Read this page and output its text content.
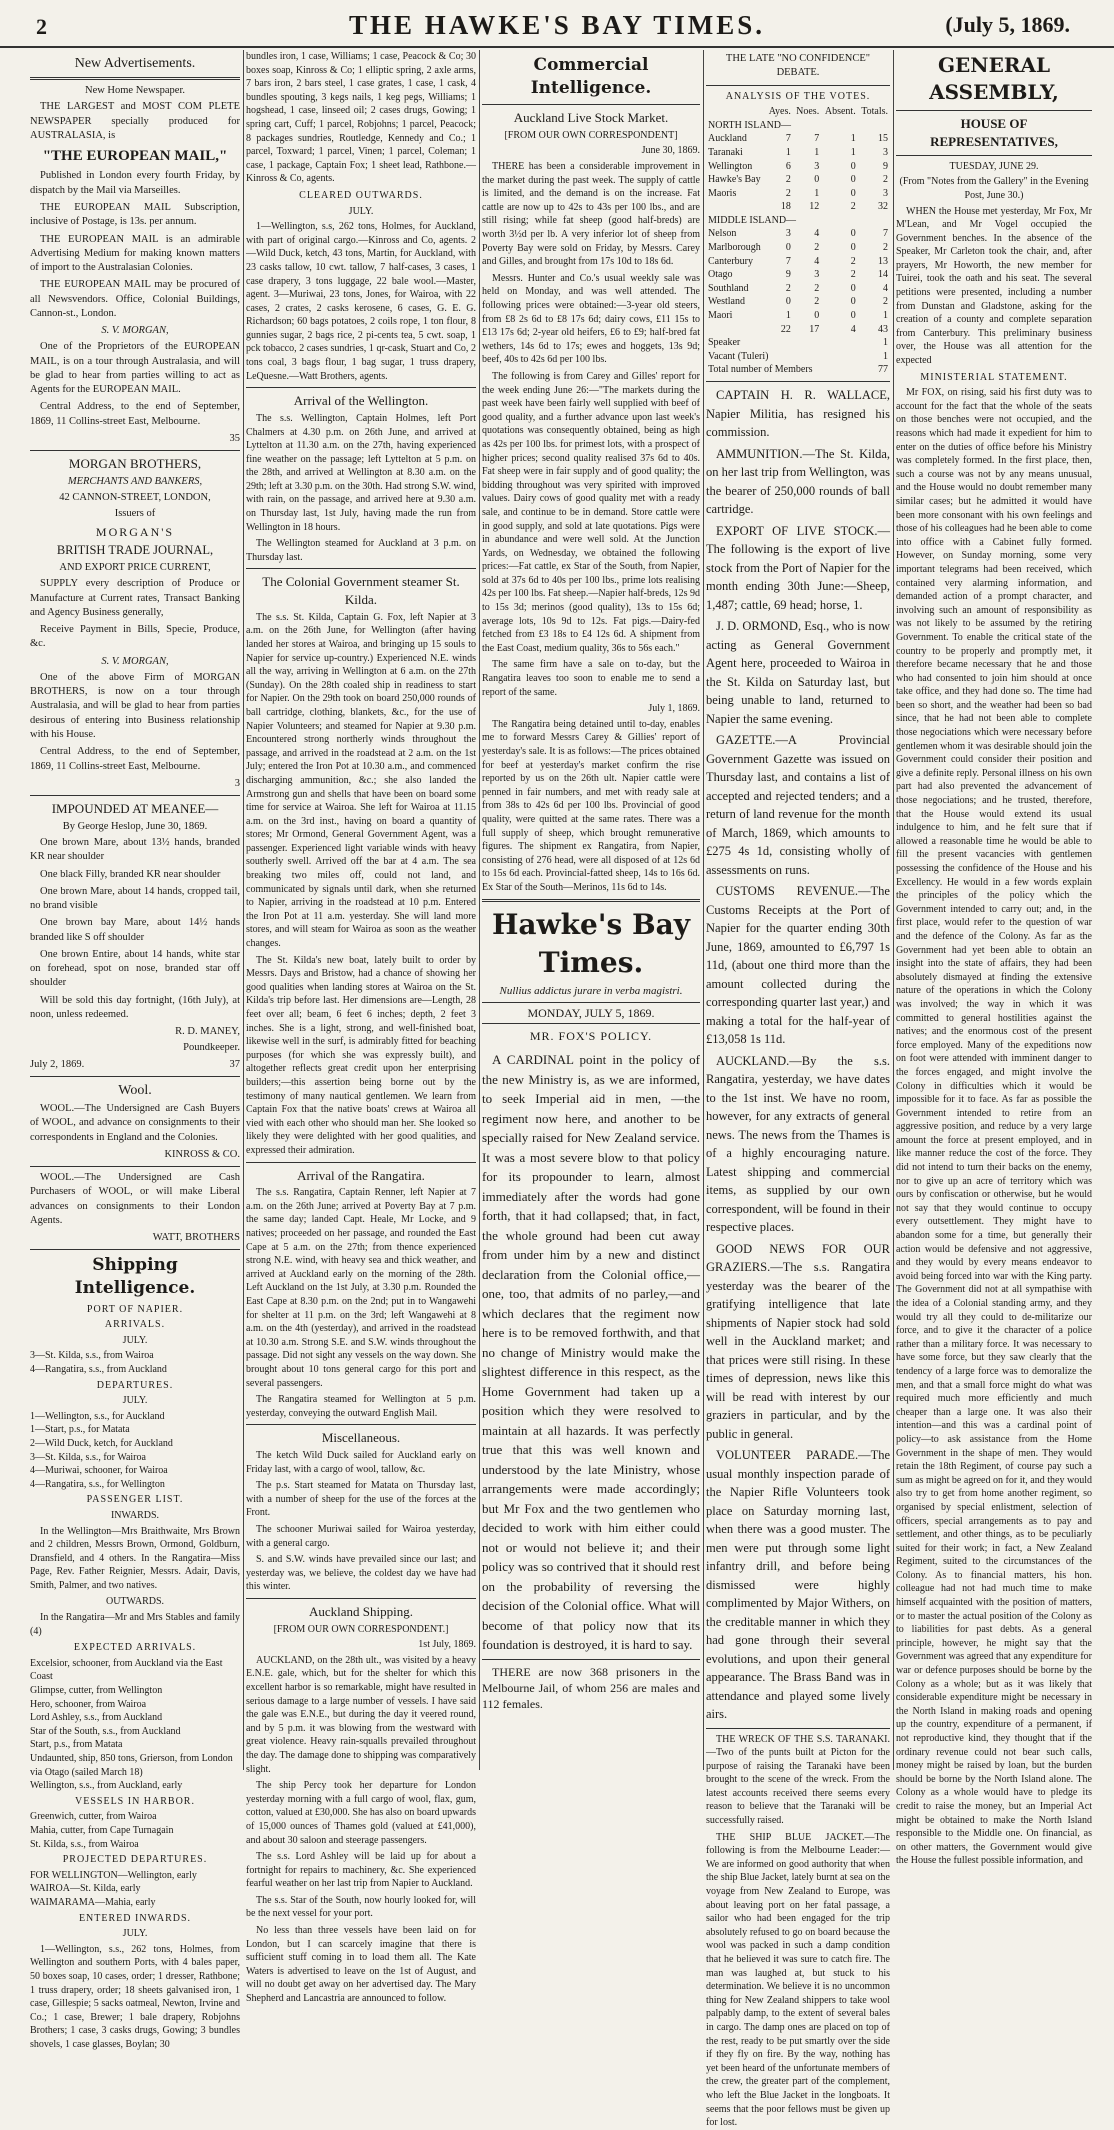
2	THE HAWKE'S BAY TIMES.	(July 5, 1869.
New Advertisements.
New Home Newspaper.

THE LARGEST and MOST COM PLETE NEWSPAPER specially produced for AUSTRALASIA, is

"THE EUROPEAN MAIL,"

Published in London every fourth Friday, by dispatch by the Mail via Marseilles.

THE EUROPEAN MAIL Subscription, inclusive of Postage, is 13s. per annum.

THE EUROPEAN MAIL is an admirable Advertising Medium for making known matters of import to the Australasian Colonies.

THE EUROPEAN MAIL may be procured of all Newsvendors. Office, Colonial Buildings, Cannon-st., London.

S. V. MORGAN,

One of the Proprietors of the EUROPEAN MAIL, is on a tour through Australasia, and will be glad to hear from parties willing to act as Agents for the EUROPEAN MAIL.

Central Address, to the end of September, 1869, 11 Collins-street East, Melbourne.

35
MORGAN BROTHERS,
MERCHANTS AND BANKERS,
42 CANNON-STREET, LONDON,
Issuers of
MORGAN'S
BRITISH TRADE JOURNAL,
AND EXPORT PRICE CURRENT,

SUPPLY every description of Produce or Manufacture at Current rates, Transact Banking and Agency Business generally,

Receive Payment in Bills, Specie, Produce, &c.

S. V. MORGAN,

One of the above Firm of MORGAN BROTHERS, is now on a tour through Australasia, and will be glad to hear from parties desirous of entering into Business relationship with his House.

Central Address, to the end of September, 1869, 11 Collins-street East, Melbourne.

3
IMPOUNDED AT MEANEE—
By George Heslop, June 30, 1869.

One brown Mare, about 13½ hands, branded KR near shoulder

One black Filly, branded KR near shoulder

One brown Mare, about 14 hands, cropped tail, no brand visible

One brown bay Mare, about 14½ hands branded like S off shoulder

One brown Entire, about 14 hands, white star on forehead, spot on nose, branded star off shoulder

Will be sold this day fortnight, (16th July), at noon, unless redeemed.

R. D. MANEY,
Poundkeeper.
July 2, 1869.	37
Wool.

WOOL.—The Undersigned are Cash Buyers of WOOL, and advance on consignments to their correspondents in England and the Colonies.

KINROSS & CO.

WOOL.—The Undersigned are Cash Purchasers of WOOL, or will make Liberal advances on consignments to their London Agents.

WATT, BROTHERS
Shipping Intelligence.
PORT OF NAPIER.
ARRIVALS.
JULY.
3—St. Kilda, s.s., from Wairoa
4—Rangatira, s.s., from Auckland
DEPARTURES.
JULY.
1—Wellington, s.s., for Auckland
1—Start, p.s., for Matata
2—Wild Duck, ketch, for Auckland
3—St. Kilda, s.s., for Wairoa
4—Muriwai, schooner, for Wairoa
4—Rangatira, s.s., for Wellington
PASSENGER LIST.
INWARDS.

In the Wellington—Mrs Braithwaite, Mrs Brown and 2 children, Messrs Brown, Ormond, Goldburn, Dransfield, and 4 others. In the Rangatira—Miss Page, Rev. Father Reignier, Messrs. Adair, Davis, Smith, Palmer, and two natives.

OUTWARDS.

In the Rangatira—Mr and Mrs Stables and family (4)

EXPECTED ARRIVALS.
Excelsior, schooner, from Auckland via the East Coast
Glimpse, cutter, from Wellington
Hero, schooner, from Wairoa
Lord Ashley, s.s., from Auckland
Star of the South, s.s., from Auckland
Start, p.s., from Matata
Undaunted, ship, 850 tons, Grierson, from London via Otago (sailed March 18)
Wellington, s.s., from Auckland, early
VESSELS IN HARBOR.
Greenwich, cutter, from Wairoa
Mahia, cutter, from Cape Turnagain
St. Kilda, s.s., from Wairoa
PROJECTED DEPARTURES.
FOR WELLINGTON—Wellington, early
WAIROA—St. Kilda, early
WAIMARAMA—Mahia, early
ENTERED INWARDS.
JULY.

1—Wellington, s.s., 262 tons, Holmes, from Wellington and southern Ports, with 4 bales paper, 50 boxes soap, 10 cases, order; 1 dresser, Rathbone; 1 truss drapery, order; 18 sheets galvanised iron, 1 case, Gillespie; 5 sacks oatmeal, Newton, Irvine and Co.; 1 case, Brewer; 1 bale drapery, Robjohns Brothers; 1 case, 3 casks drugs, Gowing; 3 bundles shovels, 1 case glasses, Boylan; 30

bundles iron, 1 case, Williams; 1 case, Peacock & Co; 30 boxes soap, Kinross & Co; 1 elliptic spring, 2 axle arms, 7 bars iron, 2 bars steel, 1 case grates, 1 case, 1 cask, 4 bundles spouting, 3 kegs nails, 1 keg pegs, Williams; 1 hogshead, 1 case, linseed oil; 2 cases drugs, Gowing; 1 spring cart, Cuff; 1 parcel, Robjohns; 1 parcel, Peacock; 8 packages sundries, Routledge, Kennedy and Co.; 1 parcel, Toxward; 1 parcel, Vinen; 1 parcel, Coleman; 1 case, 1 package, Captain Fox; 1 sheet lead, Rathbone.—Kinross & Co, agents.

CLEARED OUTWARDS.
JULY.

1—Wellington, s.s, 262 tons, Holmes, for Auckland, with part of original cargo.—Kinross and Co, agents. 2—Wild Duck, ketch, 43 tons, Martin, for Auckland, with 23 casks tallow, 10 cwt. tallow, 7 half-cases, 3 cases, 1 case drapery, 3 tons luggage, 22 bale wool.—Master, agent. 3—Muriwai, 23 tons, Jones, for Wairoa, with 22 cases, 2 crates, 2 casks kerosene, 6 cases, G. E. G. Richardson; 60 bags potatoes, 2 coils rope, 1 ton flour, 8 gunnies sugar, 2 bags rice, 2 pi-cents tea, 5 cwt. soap, 1 pck tobacco, 2 cases sundries, 1 qr-cask, Stuart and Co, 2 tons coal, 3 bags flour, 1 bag sugar, 1 truss drapery, LeQuesne.—Watt Brothers, agents.

Arrival of the Wellington.

The s.s. Wellington, Captain Holmes, left Port Chalmers at 4.30 p.m. on 26th June, and arrived at Lyttelton at 11.30 a.m. on the 27th, having experienced fine weather on the passage; left Lyttelton at 5 p.m. on the 28th, and arrived at Wellington at 8.30 a.m. on the 29th; left at 3.30 p.m. on the 30th. Had strong S.W. wind, with rain, on the passage, and arrived here at 9.30 a.m. on Thursday last, 1st July, having made the run from Wellington in 18 hours.

The Wellington steamed for Auckland at 3 p.m. on Thursday last.

The Colonial Government steamer St. Kilda.

The s.s. St. Kilda, Captain G. Fox, left Napier at 3 a.m. on the 26th June, for Wellington (after having landed her stores at Wairoa, and bringing up 15 souls to Napier for service up-country.) Experienced N.E. winds all the way, arriving in Wellington at 6 a.m. on the 27th (Sunday). On the 28th coaled ship in readiness to start for Napier. On the 29th took on board 250,000 rounds of ball cartridge, clothing, blankets, &c., for the use of Napier Volunteers; and steamed for Napier at 9.30 p.m. Encountered strong northerly winds throughout the passage, and arrived in the roadstead at 2 a.m. on the 1st July; entered the Iron Pot at 10.30 a.m., and commenced discharging ammunition, &c.; she also landed the Armstrong gun and shells that have been on board some time for service at Wairoa. She left for Wairoa at 11.15 a.m. on the 3rd inst., having on board a quantity of stores; Mr Ormond, General Government Agent, was a passenger. Experienced light variable winds with heavy southerly swell. Arrived off the bar at 4 a.m. The sea breaking two miles off, could not land, and communicated by signals until dark, when she returned to Napier, arriving in the roadstead at 10 p.m. Entered the Iron Pot at 11 a.m. yesterday. She will land more stores, and will steam for Wairoa as soon as the weather changes.

The St. Kilda's new boat, lately built to order by Messrs. Days and Bristow, had a chance of showing her good qualities when landing stores at Wairoa on the St. Kilda's trip before last. Her dimensions are—Length, 28 feet over all; beam, 6 feet 6 inches; depth, 2 feet 3 inches. She is a light, strong, and well-finished boat, likewise well in the surf, is admirably fitted for beaching purposes (for which she was expressly built), and altogether reflects great credit upon her enterprising builders;—this assertion being borne out by the testimony of many nautical gentlemen. We learn from Captain Fox that the native boats' crews at Wairoa all vied with each other who should man her. She looked so likely they were delighted with her good qualities, and expressed their admiration.

Arrival of the Rangatira.

The s.s. Rangatira, Captain Renner, left Napier at 7 a.m. on the 26th June; arrived at Poverty Bay at 7 p.m. the same day; landed Capt. Heale, Mr Locke, and 9 natives; proceeded on her passage, and rounded the East Cape at 5 a.m. on the 27th; from thence experienced strong N.E. wind, with heavy sea and thick weather, and arrived at Auckland early on the morning of the 28th. Left Auckland on the 1st July, at 3.30 p.m. Rounded the East Cape at 8.30 p.m. on the 2nd; put in to Wangawehi for shelter at 11 p.m. on the 3rd; left Wangawehi at 8 a.m. on the 4th (yesterday), and arrived in the roadstead at 10.30 a.m. Strong S.E. and S.W. winds throughout the passage. Did not sight any vessels on the way down. She brought about 10 tons general cargo for this port and several passengers.

The Rangatira steamed for Wellington at 5 p.m. yesterday, conveying the outward English Mail.

Miscellaneous.

The ketch Wild Duck sailed for Auckland early on Friday last, with a cargo of wool, tallow, &c.

The p.s. Start steamed for Matata on Thursday last, with a number of sheep for the use of the forces at the Front.

The schooner Muriwai sailed for Wairoa yesterday, with a general cargo.

S. and S.W. winds have prevailed since our last; and yesterday was, we believe, the coldest day we have had this winter.

Auckland Shipping.
[FROM OUR OWN CORRESPONDENT.]
1st July, 1869.

AUCKLAND, on the 28th ult., was visited by a heavy E.N.E. gale, which, but for the shelter for which this excellent harbor is so remarkable, might have resulted in serious damage to a large number of vessels. I have said the gale was E.N.E., but during the day it veered round, and by 5 p.m. it was blowing from the westward with great violence. Heavy rain-squalls prevailed throughout the day. The damage done to shipping was comparatively slight.

The ship Percy took her departure for London yesterday morning with a full cargo of wool, flax, gum, cotton, valued at £30,000. She has also on board upwards of 15,000 ounces of Thames gold (valued at £41,000), and about 30 saloon and steerage passengers.

The s.s. Lord Ashley will be laid up for about a fortnight for repairs to machinery, &c. She experienced fearful weather on her last trip from Napier to Auckland.

The s.s. Star of the South, now hourly looked for, will be the next vessel for your port.

No less than three vessels have been laid on for London, but I can scarcely imagine that there is sufficient stuff coming in to load them all. The Kate Waters is advertised to leave on the 1st of August, and will no doubt get away on her advertised day. The Mary Shepherd and Lancastria are announced to follow.

Commercial Intelligence.
Auckland Live Stock Market.
[FROM OUR OWN CORRESPONDENT]
June 30, 1869.

THERE has been a considerable improvement in the market during the past week. The supply of cattle is limited, and the demand is on the increase. Fat cattle are now up to 42s to 43s per 100 lbs., and are still rising; while fat sheep (good half-breds) are worth 3½d per lb. A very inferior lot of sheep from Poverty Bay were sold on Friday, by Messrs. Carey and Gilles, and brought from 17s 10d to 18s 6d.

Messrs. Hunter and Co.'s usual weekly sale was held on Monday, and was well attended. The following prices were obtained:—3-year old steers, from £8 2s 6d to £8 17s 6d; dairy cows, £11 15s to £13 17s 6d; 2-year old heifers, £6 to £9; half-bred fat wethers, 14s 6d to 17s; ewes and hoggets, 13s 9d; beef, 40s to 42s 6d per 100 lbs.

The following is from Carey and Gilles' report for the week ending June 26:—"The markets during the past week have been fairly well supplied with beef of good quality, and a further advance upon last week's quotations was consequently obtained, being as high as 42s per 100 lbs. for primest lots, with a prospect of higher prices; second quality realised 37s 6d to 40s. Fat sheep were in fair supply and of good quality; the bidding throughout was very spirited with improved values. Dairy cows of good quality met with a ready sale, and continue to be in demand. Store cattle were in good supply, and sold at late quotations. Pigs were in abundance and were well sold. At the Junction Yards, on Wednesday, we obtained the following prices:—Fat cattle, ex Star of the South, from Napier, sold at 37s 6d to 40s per 100 lbs., prime lots realising 42s per 100 lbs. Fat sheep.—Napier half-breds, 12s 9d to 15s 3d; merinos (good quality), 13s to 15s 6d; average lots, 10s 9d to 12s. Fat pigs.—Dairy-fed fetched from £3 18s to £4 12s 6d. A shipment from the East Coast, medium quality, 36s to 56s each."

The same firm have a sale on to-day, but the Rangatira leaves too soon to enable me to send a report of the same.

July 1, 1869.

The Rangatira being detained until to-day, enables me to forward Messrs Carey & Gillies' report of yesterday's sale. It is as follows:—The prices obtained for beef at yesterday's market confirm the rise reported by us on the 26th ult. Napier cattle were penned in fair numbers, and met with ready sale at from 38s to 42s 6d per 100 lbs. Provincial of good quality, were quitted at the same rates. There was a full supply of sheep, which brought remunerative figures. The shipment ex Rangatira, from Napier, consisting of 276 head, were all disposed of at 12s 6d to 15s 6d each. Provincial-fatted sheep, 14s to 16s 6d. Ex Star of the South—Merinos, 11s 6d to 14s.

Hawke's Bay Times.
Nullius addictus jurare in verba magistri.
MONDAY, JULY 5, 1869.
MR. FOX'S POLICY.

A CARDINAL point in the policy of the new Ministry is, as we are informed, to seek Imperial aid in men, —the regiment now here, and another to be specially raised for New Zealand service. It was a most severe blow to that policy for its propounder to learn, almost immediately after the words had gone forth, that it had collapsed; that, in fact, the whole ground had been cut away from under him by a new and distinct declaration from the Colonial office,—one, too, that admits of no parley,—and which declares that the regiment now here is to be removed forthwith, and that no change of Ministry would make the slightest difference in this respect, as the Home Government had taken up a position which they were resolved to maintain at all hazards. It was perfectly true that this was well known and understood by the late Ministry, whose arrangements were made accordingly; but Mr Fox and the two gentlemen who decided to work with him either could not or would not believe it; and their policy was so contrived that it should rest on the probability of reversing the decision of the Colonial office. What will become of that policy now that its foundation is destroyed, it is hard to say.

THERE are now 368 prisoners in the Melbourne Jail, of whom 256 are males and 112 females.

THE LATE "NO CONFIDENCE" DEBATE.
ANALYSIS OF THE VOTES.
	Ayes.	Noes.	Absent.	Totals.
NORTH ISLAND—				
Auckland	7	7	1	15
Taranaki	1	1	1	3
Wellington	6	3	0	9
Hawke's Bay	2	0	0	2
Maoris	2	1	0	3
	18	12	2	32
MIDDLE ISLAND—				
Nelson	3	4	0	7
Marlborough	0	2	0	2
Canterbury	7	4	2	13
Otago	9	3	2	14
Southland	2	2	0	4
Westland	0	2	0	2
Maori	1	0	0	1
	22	17	4	43
Speaker				1
Vacant (Tuleri)				1
Total number of Members				77

CAPTAIN H. R. WALLACE, Napier Militia, has resigned his commission.

AMMUNITION.—The St. Kilda, on her last trip from Wellington, was the bearer of 250,000 rounds of ball cartridge.

EXPORT OF LIVE STOCK.—The following is the export of live stock from the Port of Napier for the month ending 30th June:—Sheep, 1,487; cattle, 69 head; horse, 1.

J. D. ORMOND, Esq., who is now acting as General Government Agent here, proceeded to Wairoa in the St. Kilda on Saturday last, but being unable to land, returned to Napier the same evening.

GAZETTE.—A Provincial Government Gazette was issued on Thursday last, and contains a list of accepted and rejected tenders; and a return of land revenue for the month of March, 1869, which amounts to £275 4s 1d, consisting wholly of assessments on runs.

CUSTOMS REVENUE.—The Customs Receipts at the Port of Napier for the quarter ending 30th June, 1869, amounted to £6,797 1s 11d, (about one third more than the amount collected during the corresponding quarter last year,) and making a total for the half-year of £13,058 1s 11d.

AUCKLAND.—By the s.s. Rangatira, yesterday, we have dates to the 1st inst. We have no room, however, for any extracts of general news. The news from the Thames is of a highly encouraging nature. Latest shipping and commercial items, as supplied by our own correspondent, will be found in their respective places.

GOOD NEWS FOR OUR GRAZIERS.—The s.s. Rangatira yesterday was the bearer of the gratifying intelligence that late shipments of Napier stock had sold well in the Auckland market; and that prices were still rising. In these times of depression, news like this will be read with interest by our graziers in particular, and by the public in general.

VOLUNTEER PARADE.—The usual monthly inspection parade of the Napier Rifle Volunteers took place on Saturday morning last, when there was a good muster. The men were put through some light infantry drill, and before being dismissed were highly complimented by Major Withers, on the creditable manner in which they had gone through their several evolutions, and upon their general appearance. The Brass Band was in attendance and played some lively airs.

THE WRECK OF THE S.S. TARANAKI.—Two of the punts built at Picton for the purpose of raising the Taranaki have been brought to the scene of the wreck. From the latest accounts received there seems every reason to believe that the Taranaki will be successfully raised.

THE SHIP BLUE JACKET.—The following is from the Melbourne Leader:—We are informed on good authority that when the ship Blue Jacket, lately burnt at sea on the voyage from New Zealand to Europe, was about leaving port on her fatal passage, a sailor who had been engaged for the trip absolutely refused to go on board because the wool was packed in such a damp condition that he believed it was sure to catch fire. The man was laughed at, but stuck to his determination. We believe it is no uncommon thing for New Zealand shippers to take wool palpably damp, to the extent of several bales in cargo. The damp ones are placed on top of the rest, ready to be put smartly over the side if they fly on fire. By the way, nothing has yet been heard of the unfortunate members of the crew, the greater part of the complement, who left the Blue Jacket in the longboats. It seems that the poor fellows must be given up for lost.

GENERAL ASSEMBLY,
HOUSE OF REPRESENTATIVES,
TUESDAY, JUNE 29.
(From "Notes from the Gallery" in the Evening Post, June 30.)

WHEN the House met yesterday, Mr Fox, Mr M'Lean, and Mr Vogel occupied the Government benches. In the absence of the Speaker, Mr Carleton took the chair, and, after prayers, Mr Howorth, the new member for Tuirei, took the oath and his seat. The several petitions were presented, including a number from Dunstan and Gladstone, asking for the creation of a county and complete separation from Canterbury. This preliminary business over, the House was all attention for the expected

MINISTERIAL STATEMENT.

Mr FOX, on rising, said his first duty was to account for the fact that the whole of the seats on those benches were not occupied, and the reasons which had made it expedient for him to enter on the duties of office before his Ministry was completely formed. In the first place, then, such a course was not by any means unusual, and the House would no doubt remember many similar cases; but he admitted it would have been more consonant with his own feelings and those of his colleagues had he been able to come into office with a Cabinet fully formed. However, on Sunday morning, some very important telegrams had been received, which contained very alarming information, and demanded action of a prompt character, and involving such an amount of responsibility as was not likely to be assumed by the retiring Government. To enable the critical state of the country to be properly and promptly met, it therefore became necessary that he and those who had consented to join him should at once take office, and they had done so. The time had been so short, and the weather had been so bad since, that he had not been able to complete those negociations which were necessary before gentlemen whom it was desirable should join the Government could consider their position and give a definite reply. Personal illness on his own part had also prevented the advancement of those negociations; and he trusted, therefore, that the House would extend its usual indulgence to him, and he felt sure that if allowed a reasonable time he would be able to fill the present vacancies with gentlemen possessing the confidence of the House and his Excellency. He would in a few words explain the principles of the policy which the Government intended to carry out; and, in the first place, would refer to the question of war and the defence of the Colony. As far as the Government had yet been able to obtain an insight into the state of affairs, they had been absolutely dismayed at finding the extensive nature of the operations in which the Colony was involved; the way in which it was committed to general hostilities against the natives; and the enormous cost of the present force employed. Many of the expeditions now on foot were attended with imminent danger to the forces engaged, and might involve the Colony in difficulties which it would be impossible for it to face. As far as possible the Government intended to retire from an aggressive position, and reduce by a very large amount the force at present employed, and in like manner reduce the cost of the force. They did not intend to turn their backs on the enemy, nor to give up an acre of territory which was ours by confiscation or otherwise, but he would not say that they would continue to occupy every outsettlement. They might have to abandon some for a time, but generally their action would be defensive and not aggressive, and they would by every means endeavor to avoid being forced into war with the King party. The Government did not at all sympathise with the idea of a Colonial standing army, and they would try all they could to de-militarize our force, and to give it the character of a police rather than a military force. It was necessary to have some force, but they saw clearly that the tendency of a large force was to demoralize the men, and that a small force might do what was required much more efficiently and much cheaper than a large one. It was also their intention—and this was a cardinal point of policy—to ask assistance from the Home Government in the shape of men. They would retain the 18th Regiment, of course pay such a sum as might be agreed on for it, and they would also try to get from home another regiment, so organised by special enlistment, selection of officers, special arrangements as to pay and settlement, and other things, as to be peculiarly suited for their work; in fact, a New Zealand Regiment, suited to the circumstances of the Colony. As to financial matters, his hon. colleague had not had much time to make himself acquainted with the position of matters, or to master the actual position of the Colony as to liabilities for past debts. As a general principle, however, he might say that the Government was agreed that any expenditure for war or defence purposes should be borne by the Colony as a whole; but as it was likely that considerable expenditure might be necessary in the North Island in making roads and opening up the country, expenditure of a permanent, if not reproductive kind, they thought that if the ordinary revenue could not bear such calls, money might be raised by loan, but the burden should be borne by the North Island alone. The Colony as a whole would have to pledge its credit to raise the money, but an Imperial Act might be obtained to make the North Island responsible to the Middle one. On financial, as on other matters, the Government would give the House the fullest possible information, and
